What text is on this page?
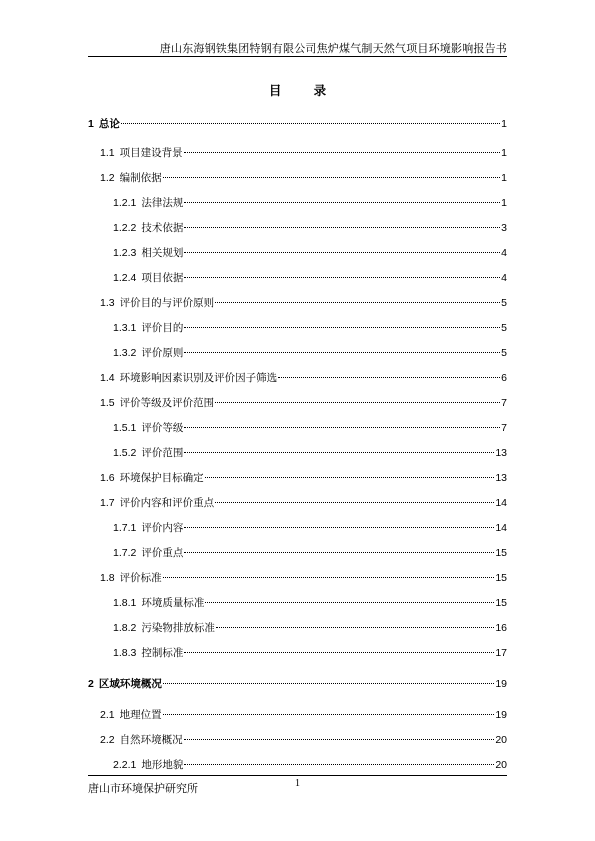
唐山东海钢铁集团特钢有限公司焦炉煤气制天然气项目环境影响报告书
目 录
1 总论	1
1.1 项目建设背景	1
1.2 编制依据	1
1.2.1 法律法规	1
1.2.2 技术依据	3
1.2.3 相关规划	4
1.2.4 项目依据	4
1.3 评价目的与评价原则	5
1.3.1 评价目的	5
1.3.2 评价原则	5
1.4 环境影响因素识别及评价因子筛选	6
1.5 评价等级及评价范围	7
1.5.1 评价等级	7
1.5.2 评价范围	13
1.6 环境保护目标确定	13
1.7 评价内容和评价重点	14
1.7.1 评价内容	14
1.7.2 评价重点	15
1.8 评价标准	15
1.8.1 环境质量标准	15
1.8.2 污染物排放标准	16
1.8.3 控制标准	17
2 区域环境概况	19
2.1 地理位置	19
2.2 自然环境概况	20
2.2.1 地形地貌	20
唐山市环境保护研究所	1
